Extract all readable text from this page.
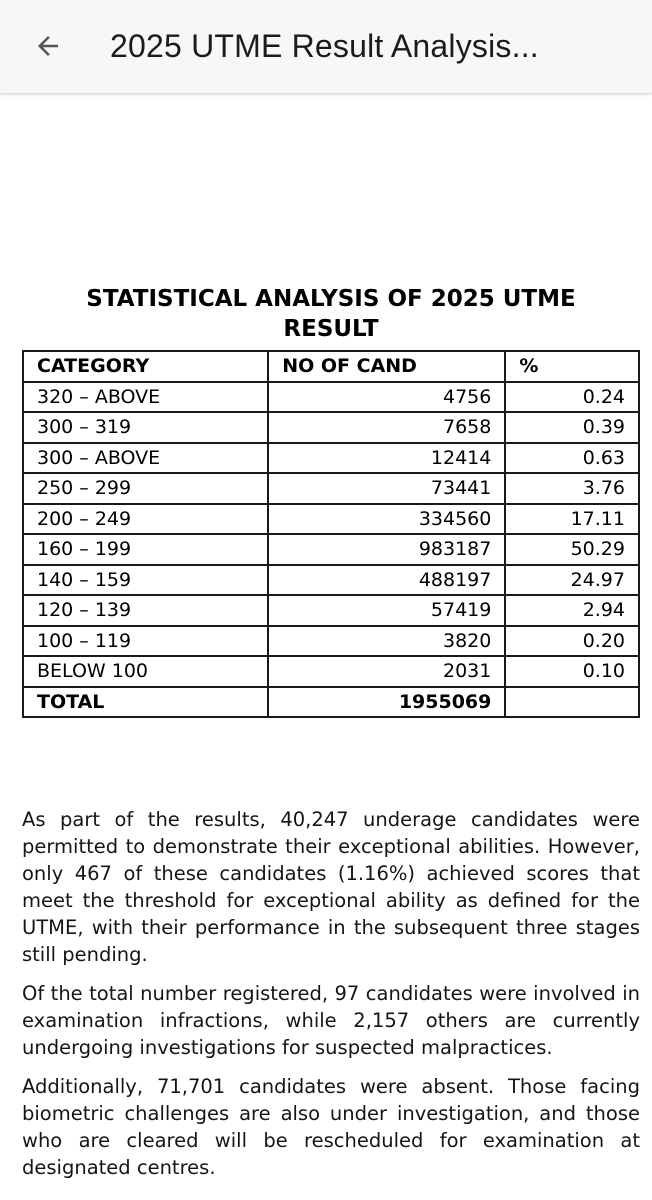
2025 UTME Result Analysis...
STATISTICAL ANALYSIS OF 2025 UTME
RESULT
CATEGORY	NO OF CAND	%
320 – ABOVE	4756	0.24
300 – 319	7658	0.39
300 – ABOVE	12414	0.63
250 – 299	73441	3.76
200 – 249	334560	17.11
160 – 199	983187	50.29
140 – 159	488197	24.97
120 – 139	57419	2.94
100 – 119	3820	0.20
BELOW 100	2031	0.10
TOTAL	1955069	

As part of the results, 40,247 underage candidates were permitted to demonstrate their exceptional abilities. However, only 467 of these candidates (1.16%) achieved scores that meet the threshold for exceptional ability as defined for the UTME, with their performance in the subsequent three stages still pending.

Of the total number registered, 97 candidates were involved in examination infractions, while 2,157 others are currently undergoing investigations for suspected malpractices.

Additionally, 71,701 candidates were absent. Those facing biometric challenges are also under investigation, and those who are cleared will be rescheduled for examination at designated centres.
